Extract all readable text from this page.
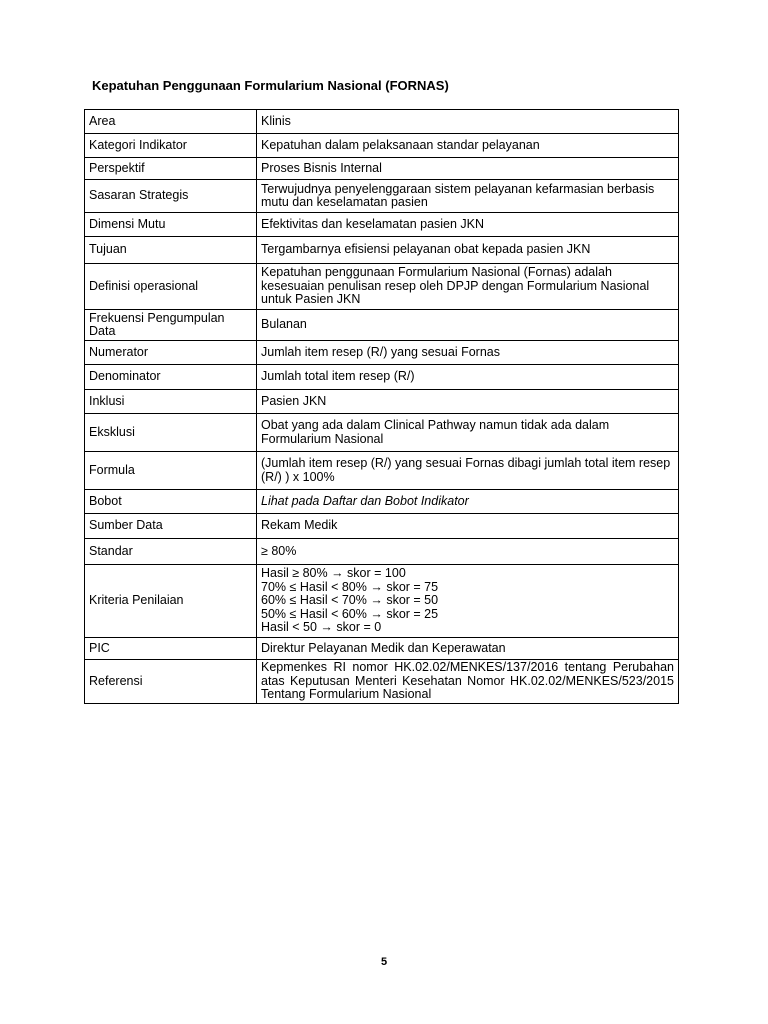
Kepatuhan Penggunaan Formularium Nasional (FORNAS)
Area	Klinis
Kategori Indikator	Kepatuhan dalam pelaksanaan standar pelayanan
Perspektif	Proses Bisnis Internal
Sasaran Strategis	Terwujudnya penyelenggaraan sistem pelayanan kefarmasian berbasis mutu dan keselamatan pasien
Dimensi Mutu	Efektivitas dan keselamatan pasien JKN
Tujuan	Tergambarnya efisiensi pelayanan obat kepada pasien JKN
Definisi operasional	Kepatuhan penggunaan Formularium Nasional (Fornas) adalah kesesuaian penulisan resep oleh DPJP dengan Formularium Nasional untuk Pasien JKN
Frekuensi Pengumpulan Data	Bulanan
Numerator	Jumlah item resep (R/) yang sesuai Fornas
Denominator	Jumlah total item resep (R/)
Inklusi	Pasien JKN
Eksklusi	Obat yang ada dalam Clinical Pathway namun tidak ada dalam Formularium Nasional
Formula	(Jumlah item resep (R/) yang sesuai Fornas dibagi jumlah total item resep (R/) ) x 100%
Bobot	Lihat pada Daftar dan Bobot Indikator
Sumber Data	Rekam Medik
Standar	≥ 80%
Kriteria Penilaian	Hasil ≥ 80% → skor = 100
70% ≤ Hasil < 80% → skor = 75
60% ≤ Hasil < 70% → skor = 50
50% ≤ Hasil < 60% → skor = 25
Hasil < 50 → skor = 0

PIC	Direktur Pelayanan Medik dan Keperawatan
Referensi	Kepmenkes RI nomor HK.02.02/MENKES/137/2016 tentang Perubahan atas Keputusan Menteri Kesehatan Nomor HK.02.02/MENKES/523/2015 Tentang Formularium Nasional
5
